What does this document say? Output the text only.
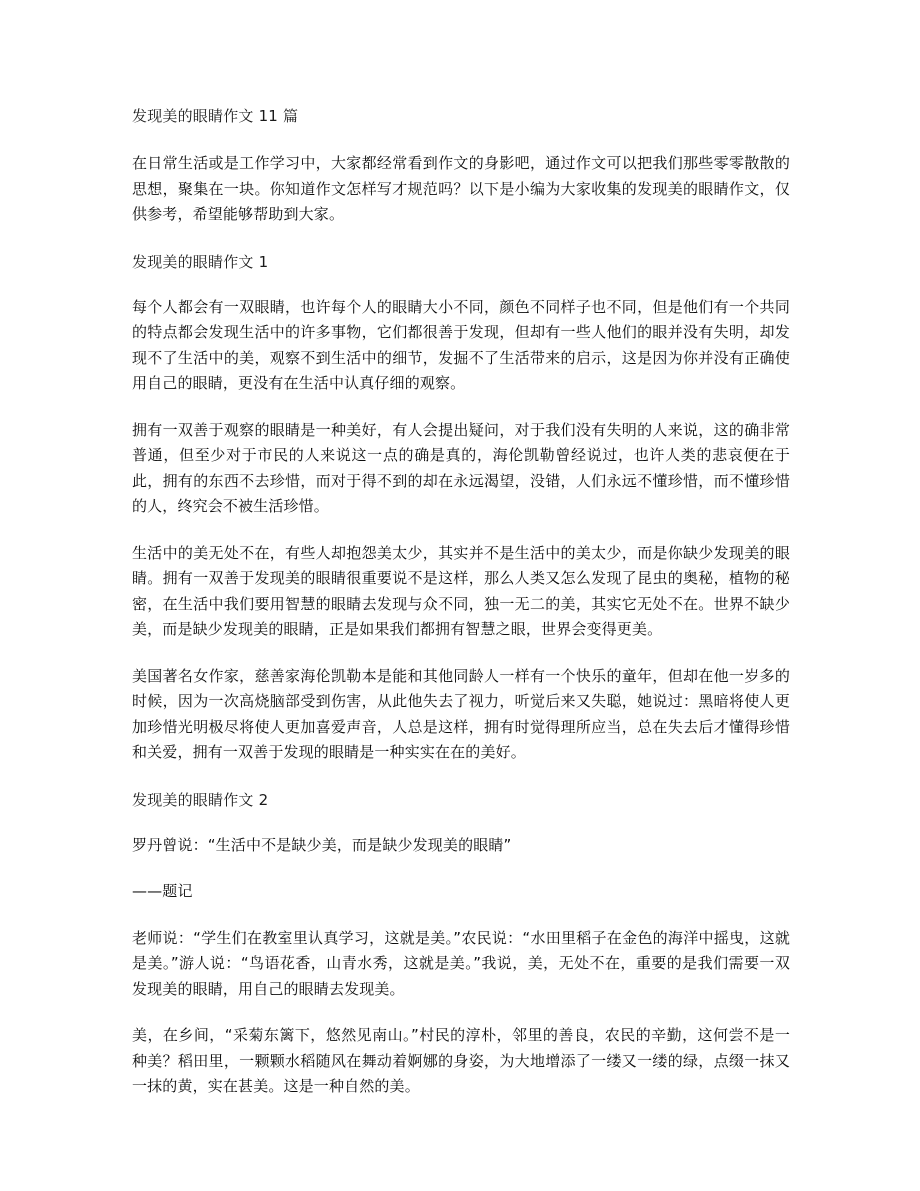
发现美的眼睛作文 11 篇

在日常生活或是工作学习中，大家都经常看到作文的身影吧，通过作文可以把我们那些零零散散的思想，聚集在一块。你知道作文怎样写才规范吗？以下是小编为大家收集的发现美的眼睛作文，仅供参考，希望能够帮助到大家。

发现美的眼睛作文 1

每个人都会有一双眼睛，也许每个人的眼睛大小不同，颜色不同样子也不同，但是他们有一个共同的特点都会发现生活中的许多事物，它们都很善于发现，但却有一些人他们的眼并没有失明，却发现不了生活中的美，观察不到生活中的细节，发掘不了生活带来的启示，这是因为你并没有正确使用自己的眼睛，更没有在生活中认真仔细的观察。

拥有一双善于观察的眼睛是一种美好，有人会提出疑问，对于我们没有失明的人来说，这的确非常普通，但至少对于市民的人来说这一点的确是真的，海伦凯勒曾经说过，也许人类的悲哀便在于此，拥有的东西不去珍惜，而对于得不到的却在永远渴望，没错，人们永远不懂珍惜，而不懂珍惜的人，终究会不被生活珍惜。

生活中的美无处不在，有些人却抱怨美太少，其实并不是生活中的美太少，而是你缺少发现美的眼睛。拥有一双善于发现美的眼睛很重要说不是这样，那么人类又怎么发现了昆虫的奥秘，植物的秘密，在生活中我们要用智慧的眼睛去发现与众不同，独一无二的美，其实它无处不在。世界不缺少美，而是缺少发现美的眼睛，正是如果我们都拥有智慧之眼，世界会变得更美。

美国著名女作家，慈善家海伦凯勒本是能和其他同龄人一样有一个快乐的童年，但却在他一岁多的时候，因为一次高烧脑部受到伤害，从此他失去了视力，听觉后来又失聪，她说过：黑暗将使人更加珍惜光明极尽将使人更加喜爱声音，人总是这样，拥有时觉得理所应当，总在失去后才懂得珍惜和关爱，拥有一双善于发现的眼睛是一种实实在在的美好。

发现美的眼睛作文 2
罗丹曾说：“生活中不是缺少美，而是缺少发现美的眼睛”
——题记

老师说：“学生们在教室里认真学习，这就是美。”农民说：“水田里稻子在金色的海洋中摇曳，这就是美。”游人说：“鸟语花香，山青水秀，这就是美。”我说，美，无处不在，重要的是我们需要一双发现美的眼睛，用自己的眼睛去发现美。

美，在乡间，“采菊东篱下，悠然见南山。”村民的淳朴，邻里的善良，农民的辛勤，这何尝不是一种美？稻田里，一颗颗水稻随风在舞动着婀娜的身姿，为大地增添了一缕又一缕的绿，点缀一抹又一抹的黄，实在甚美。这是一种自然的美。
